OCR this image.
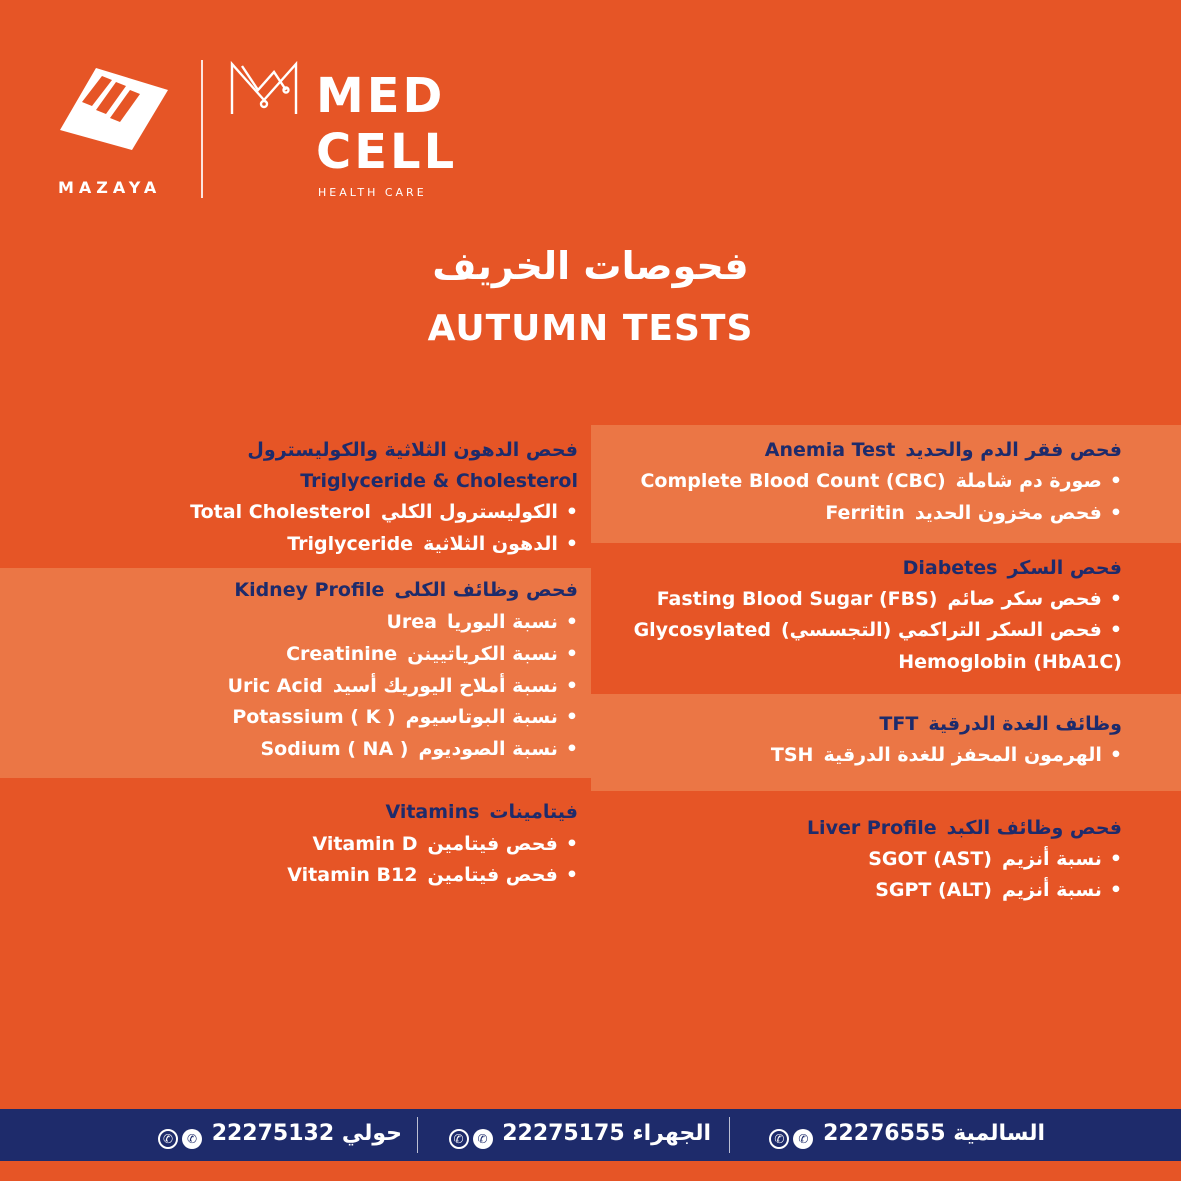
MAZAYA
MED
CELL
HEALTH CARE
فحوصات الخريف
AUTUMN TESTS
فحص فقر الدم والحديدAnemia Test
• صورة دم شاملةComplete Blood Count (CBC)
• فحص مخزون الحديدFerritin
فحص السكرDiabetes
• فحص سكر صائمFasting Blood Sugar (FBS)
• فحص السكر التراكمي (التجسسي)Glycosylated
Hemoglobin (HbA1C)
وظائف الغدة الدرقيةTFT
• الهرمون المحفز للغدة الدرقيةTSH
فحص وظائف الكبدLiver Profile
• نسبة أنزيمSGOT (AST)
• نسبة أنزيمSGPT (ALT)
فحص الدهون الثلاثية والكوليسترول
Triglyceride & Cholesterol
• الكوليسترول الكليTotal Cholesterol
• الدهون الثلاثيةTriglyceride
فحص وظائف الكلىKidney Profile
• نسبة اليورياUrea
• نسبة الكرياتييننCreatinine
• نسبة أملاح اليوريك أسيدUric Acid
• نسبة البوتاسيومPotassium ( K )
• نسبة الصوديومSodium ( NA )
فيتاميناتVitamins
• فحص فيتامينVitamin D
• فحص فيتامينVitamin B12
السالمية 22276555 ✆✆
الجهراء 22275175 ✆✆
حولي 22275132 ✆✆
